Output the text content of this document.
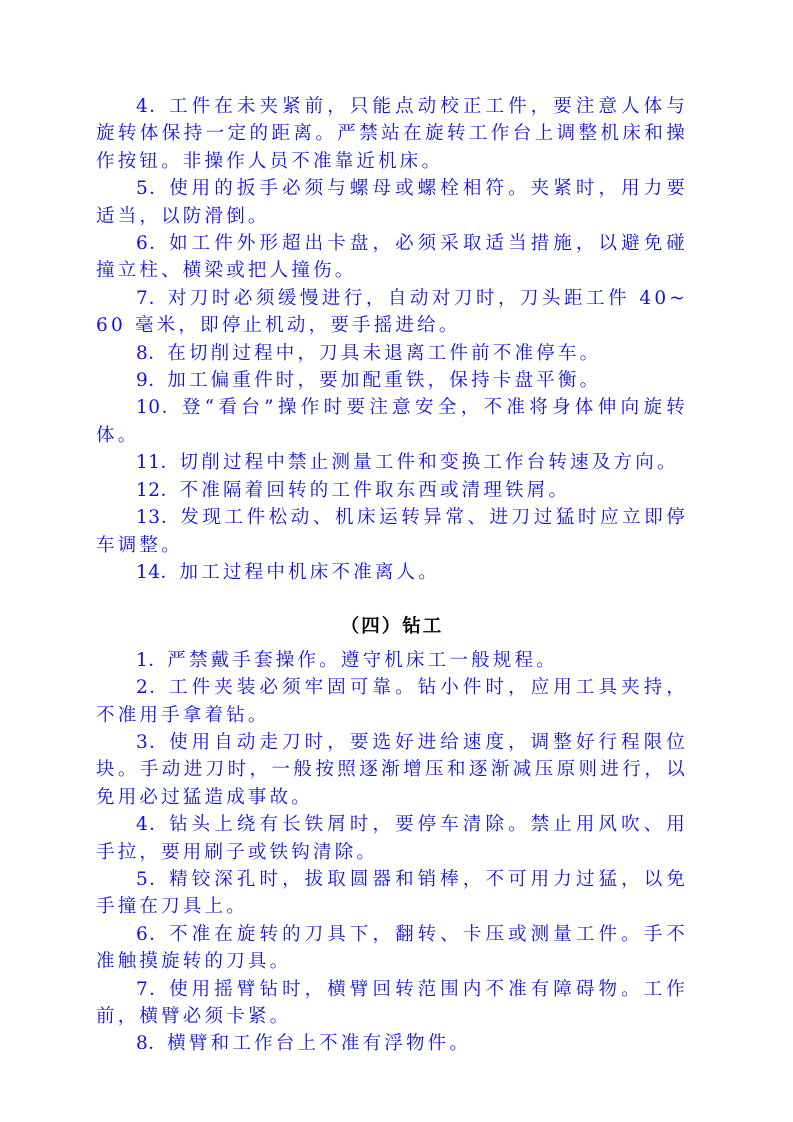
4．工件在未夹紧前，只能点动校正工件，要注意人体与旋转体保持一定的距离。严禁站在旋转工作台上调整机床和操作按钮。非操作人员不准靠近机床。

5．使用的扳手必须与螺母或螺栓相符。夹紧时，用力要适当，以防滑倒。

6．如工件外形超出卡盘，必须采取适当措施，以避免碰撞立柱、横梁或把人撞伤。

7．对刀时必须缓慢进行，自动对刀时，刀头距工件 40~60 毫米，即停止机动，要手摇进给。

8．在切削过程中，刀具未退离工件前不准停车。

9．加工偏重件时，要加配重铁，保持卡盘平衡。

10．登“看台”操作时要注意安全，不准将身体伸向旋转体。

11．切削过程中禁止测量工件和变换工作台转速及方向。

12．不准隔着回转的工件取东西或清理铁屑。

13．发现工件松动、机床运转异常、进刀过猛时应立即停车调整。

14．加工过程中机床不准离人。

（四）钻工

1．严禁戴手套操作。遵守机床工一般规程。

2．工件夹装必须牢固可靠。钻小件时，应用工具夹持，不准用手拿着钻。

3．使用自动走刀时，要选好进给速度，调整好行程限位块。手动进刀时，一般按照逐渐增压和逐渐减压原则进行，以免用必过猛造成事故。

4．钻头上绕有长铁屑时，要停车清除。禁止用风吹、用手拉，要用刷子或铁钩清除。

5．精铰深孔时，拔取圆器和销棒，不可用力过猛，以免手撞在刀具上。

6．不准在旋转的刀具下，翻转、卡压或测量工件。手不准触摸旋转的刀具。

7．使用摇臂钻时，横臂回转范围内不准有障碍物。工作前，横臂必须卡紧。

8．横臂和工作台上不准有浮物件。
